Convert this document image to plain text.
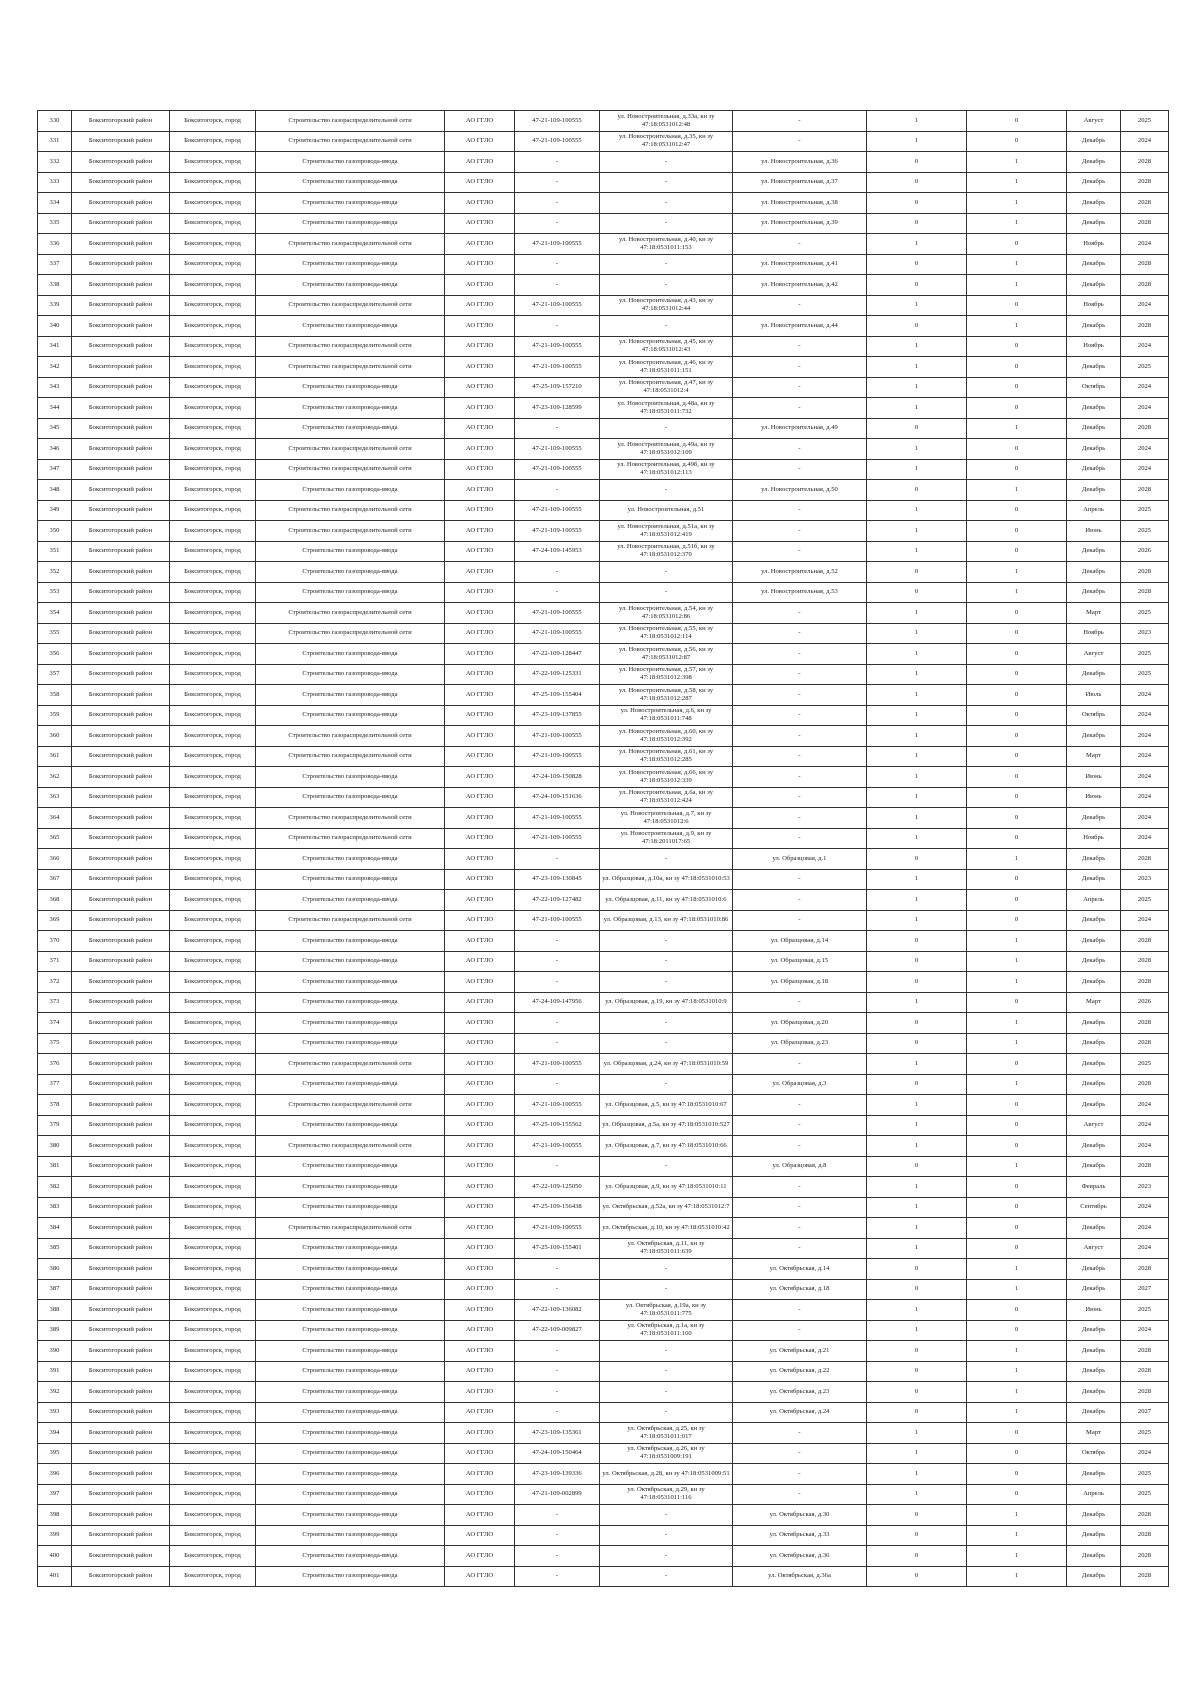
330	Бокситогорский район	Бокситогорск, город	Строительство газораспределительной сети	АО ГГЛО	47-21-109-100555	ул. Новостроительная, д.33а, кн зу 47:18:0531012:48	-	1	0	Август	2025
331	Бокситогорский район	Бокситогорск, город	Строительство газораспределительной сети	АО ГГЛО	47-21-109-100555	ул. Новостроительная, д.35, кн зу 47:18:0531012:47	-	1	0	Декабрь	2024
332	Бокситогорский район	Бокситогорск, город	Строительство газопровода-ввода	АО ГГЛО	-	-	ул. Новостроительная, д.36	0	1	Декабрь	2028
333	Бокситогорский район	Бокситогорск, город	Строительство газопровода-ввода	АО ГГЛО	-	-	ул. Новостроительная, д.37	0	1	Декабрь	2028
334	Бокситогорский район	Бокситогорск, город	Строительство газопровода-ввода	АО ГГЛО	-	-	ул. Новостроительная, д.38	0	1	Декабрь	2028
335	Бокситогорский район	Бокситогорск, город	Строительство газопровода-ввода	АО ГГЛО	-	-	ул. Новостроительная, д.39	0	1	Декабрь	2028
336	Бокситогорский район	Бокситогорск, город	Строительство газораспределительной сети	АО ГГЛО	47-21-109-100555	ул. Новостроительная, д.40, кн зу 47:18:0531011:153	-	1	0	Ноябрь	2024
337	Бокситогорский район	Бокситогорск, город	Строительство газопровода-ввода	АО ГГЛО	-	-	ул. Новостроительная, д.41	0	1	Декабрь	2028
338	Бокситогорский район	Бокситогорск, город	Строительство газопровода-ввода	АО ГГЛО	-	-	ул. Новостроительная, д.42	0	1	Декабрь	2028
339	Бокситогорский район	Бокситогорск, город	Строительство газораспределительной сети	АО ГГЛО	47-21-109-100555	ул. Новостроительная, д.43, кн зу 47:18:0531012:44	-	1	0	Ноябрь	2024
340	Бокситогорский район	Бокситогорск, город	Строительство газопровода-ввода	АО ГГЛО	-	-	ул. Новостроительная, д.44	0	1	Декабрь	2028
341	Бокситогорский район	Бокситогорск, город	Строительство газораспределительной сети	АО ГГЛО	47-21-109-100555	ул. Новостроительная, д.45, кн зу 47:18:0531012:43	-	1	0	Ноябрь	2024
342	Бокситогорский район	Бокситогорск, город	Строительство газораспределительной сети	АО ГГЛО	47-21-109-100555	ул. Новостроительная, д.46, кн зу 47:18:0531011:151	-	1	0	Декабрь	2025
343	Бокситогорский район	Бокситогорск, город	Строительство газопровода-ввода	АО ГГЛО	47-25-109-157210	ул. Новостроительная, д.47, кн зу 47:18:0531012:4	-	1	0	Октябрь	2024
344	Бокситогорский район	Бокситогорск, город	Строительство газопровода-ввода	АО ГГЛО	47-23-109-128599	ул. Новостроительная, д.48а, кн зу 47:18:0531011:732	-	1	0	Декабрь	2024
345	Бокситогорский район	Бокситогорск, город	Строительство газопровода-ввода	АО ГГЛО	-	-	ул. Новостроительная, д.49	0	1	Декабрь	2028
346	Бокситогорский район	Бокситогорск, город	Строительство газораспределительной сети	АО ГГЛО	47-21-109-100555	ул. Новостроительная, д.49а, кн зу 47:18:0531012:109	-	1	0	Декабрь	2024
347	Бокситогорский район	Бокситогорск, город	Строительство газораспределительной сети	АО ГГЛО	47-21-109-100555	ул. Новостроительная, д.49б, кн зу 47:18:0531012:113	-	1	0	Декабрь	2024
348	Бокситогорский район	Бокситогорск, город	Строительство газопровода-ввода	АО ГГЛО	-	-	ул. Новостроительная, д.50	0	1	Декабрь	2028
349	Бокситогорский район	Бокситогорск, город	Строительство газораспределительной сети	АО ГГЛО	47-21-109-100555	ул. Новостроительная, д.51	-	1	0	Апрель	2025
350	Бокситогорский район	Бокситогорск, город	Строительство газораспределительной сети	АО ГГЛО	47-21-109-100555	ул. Новостроительная, д.51а, кн зу 47:18:0531012:419	-	1	0	Июнь	2025
351	Бокситогорский район	Бокситогорск, город	Строительство газопровода-ввода	АО ГГЛО	47-24-109-145953	ул. Новостроительная, д.51б, кн зу 47:18:0531012:370	-	1	0	Декабрь	2026
352	Бокситогорский район	Бокситогорск, город	Строительство газопровода-ввода	АО ГГЛО	-	-	ул. Новостроительная, д.52	0	1	Декабрь	2028
353	Бокситогорский район	Бокситогорск, город	Строительство газопровода-ввода	АО ГГЛО	-	-	ул. Новостроительная, д.53	0	1	Декабрь	2028
354	Бокситогорский район	Бокситогорск, город	Строительство газораспределительной сети	АО ГГЛО	47-21-109-100555	ул. Новостроительная, д.54, кн зу 47:18:0531012:86	-	1	0	Март	2025
355	Бокситогорский район	Бокситогорск, город	Строительство газораспределительной сети	АО ГГЛО	47-21-109-100555	ул. Новостроительная, д.55, кн зу 47:18:0531012:114	-	1	0	Ноябрь	2023
356	Бокситогорский район	Бокситогорск, город	Строительство газопровода-ввода	АО ГГЛО	47-22-109-128447	ул. Новостроительная, д.56, кн зу 47:18:0531012:87	-	1	0	Август	2025
357	Бокситогорский район	Бокситогорск, город	Строительство газопровода-ввода	АО ГГЛО	47-22-109-125331	ул. Новостроительная, д.57, кн зу 47:18:0531012:398	-	1	0	Декабрь	2025
358	Бокситогорский район	Бокситогорск, город	Строительство газопровода-ввода	АО ГГЛО	47-25-109-155404	ул. Новостроительная, д.58, кн зу 47:18:0531012:287	-	1	0	Июль	2024
359	Бокситогорский район	Бокситогорск, город	Строительство газопровода-ввода	АО ГГЛО	47-23-109-137855	ул. Новостроительная, д.6, кн зу 47:18:0531011:748	-	1	0	Октябрь	2024
360	Бокситогорский район	Бокситогорск, город	Строительство газораспределительной сети	АО ГГЛО	47-21-109-100555	ул. Новостроительная, д.60, кн зу 47:18:0531012:392	-	1	0	Декабрь	2024
361	Бокситогорский район	Бокситогорск, город	Строительство газораспределительной сети	АО ГГЛО	47-21-109-100555	ул. Новостроительная, д.61, кн зу 47:18:0531012:285	-	1	0	Март	2024
362	Бокситогорский район	Бокситогорск, город	Строительство газопровода-ввода	АО ГГЛО	47-24-109-150828	ул. Новостроительная, д.66, кн зу 47:18:0531012:339	-	1	0	Июнь	2024
363	Бокситогорский район	Бокситогорск, город	Строительство газопровода-ввода	АО ГГЛО	47-24-109-151636	ул. Новостроительная, д.6а, кн зу 47:18:0531012:424	-	1	0	Июнь	2024
364	Бокситогорский район	Бокситогорск, город	Строительство газораспределительной сети	АО ГГЛО	47-21-109-100555	ул. Новостроительная, д.7, кн зу 47:18:0531012:6	-	1	0	Декабрь	2024
365	Бокситогорский район	Бокситогорск, город	Строительство газораспределительной сети	АО ГГЛО	47-21-109-100555	ул. Новостроительная, д.9, кн зу 47:18:2011017:65	-	1	0	Ноябрь	2024
366	Бокситогорский район	Бокситогорск, город	Строительство газопровода-ввода	АО ГГЛО	-	-	ул. Образцовая, д.1	0	1	Декабрь	2028
367	Бокситогорский район	Бокситогорск, город	Строительство газопровода-ввода	АО ГГЛО	47-23-109-130845	ул. Образцовая, д.10а, кн зу 47:18:0531010:53	-	1	0	Декабрь	2023
368	Бокситогорский район	Бокситогорск, город	Строительство газопровода-ввода	АО ГГЛО	47-22-109-127482	ул. Образцовая, д.11, кн зу 47:18:0531010:6	-	1	0	Апрель	2025
369	Бокситогорский район	Бокситогорск, город	Строительство газораспределительной сети	АО ГГЛО	47-21-109-100555	ул. Образцовая, д.13, кн зу 47:18:0531010:86	-	1	0	Декабрь	2024
370	Бокситогорский район	Бокситогорск, город	Строительство газопровода-ввода	АО ГГЛО	-	-	ул. Образцовая, д.14	0	1	Декабрь	2028
371	Бокситогорский район	Бокситогорск, город	Строительство газопровода-ввода	АО ГГЛО	-	-	ул. Образцовая, д.15	0	1	Декабрь	2028
372	Бокситогорский район	Бокситогорск, город	Строительство газопровода-ввода	АО ГГЛО	-	-	ул. Образцовая, д.18	0	1	Декабрь	2028
373	Бокситогорский район	Бокситогорск, город	Строительство газопровода-ввода	АО ГГЛО	47-24-109-147956	ул. Образцовая, д.19, кн зу 47:18:0531010:9	-	1	0	Март	2026
374	Бокситогорский район	Бокситогорск, город	Строительство газопровода-ввода	АО ГГЛО	-	-	ул. Образцовая, д.20	0	1	Декабрь	2028
375	Бокситогорский район	Бокситогорск, город	Строительство газопровода-ввода	АО ГГЛО	-	-	ул. Образцовая, д.23	0	1	Декабрь	2028
376	Бокситогорский район	Бокситогорск, город	Строительство газораспределительной сети	АО ГГЛО	47-21-109-100555	ул. Образцовая, д.24, кн зу 47:18:0531010:59	-	1	0	Декабрь	2025
377	Бокситогорский район	Бокситогорск, город	Строительство газопровода-ввода	АО ГГЛО	-	-	ул. Образцовая, д.3	0	1	Декабрь	2028
378	Бокситогорский район	Бокситогорск, город	Строительство газораспределительной сети	АО ГГЛО	47-21-109-100555	ул. Образцовая, д.5, кн зу 47:18:0531010:67	-	1	0	Декабрь	2024
379	Бокситогорский район	Бокситогорск, город	Строительство газопровода-ввода	АО ГГЛО	47-25-109-155562	ул. Образцовая, д.5а, кн зу 47:18:0531010:527	-	1	0	Август	2024
380	Бокситогорский район	Бокситогорск, город	Строительство газораспределительной сети	АО ГГЛО	47-21-109-100555	ул. Образцовая, д.7, кн зу 47:18:0531010:66	-	1	0	Декабрь	2024
381	Бокситогорский район	Бокситогорск, город	Строительство газопровода-ввода	АО ГГЛО	-	-	ул. Образцовая, д.8	0	1	Декабрь	2028
382	Бокситогорский район	Бокситогорск, город	Строительство газопровода-ввода	АО ГГЛО	47-22-109-125050	ул. Образцовая, д.9, кн зу 47:18:0531010:11	-	1	0	Февраль	2023
383	Бокситогорский район	Бокситогорск, город	Строительство газопровода-ввода	АО ГГЛО	47-25-109-156438	ул. Октябрьская, д.52а, кн зу 47:18:0531012:7	-	1	0	Сентябрь	2024
384	Бокситогорский район	Бокситогорск, город	Строительство газораспределительной сети	АО ГГЛО	47-21-109-100555	ул. Октябрьская, д.10, кн зу 47:18:0531010:42	-	1	0	Декабрь	2024
385	Бокситогорский район	Бокситогорск, город	Строительство газопровода-ввода	АО ГГЛО	47-25-109-155401	ул. Октябрьская, д.11, кн зу 47:18:0531011:639	-	1	0	Август	2024
386	Бокситогорский район	Бокситогорск, город	Строительство газопровода-ввода	АО ГГЛО	-	-	ул. Октябрьская, д.14	0	1	Декабрь	2028
387	Бокситогорский район	Бокситогорск, город	Строительство газопровода-ввода	АО ГГЛО	-	-	ул. Октябрьская, д.18	0	1	Декабрь	2027
388	Бокситогорский район	Бокситогорск, город	Строительство газопровода-ввода	АО ГГЛО	47-22-109-136082	ул. Октябрьская, д.19а, кн зу 47:18:0531011:775	-	1	0	Июнь	2025
389	Бокситогорский район	Бокситогорск, город	Строительство газопровода-ввода	АО ГГЛО	47-22-109-009827	ул. Октябрьская, д.1а, кн зу 47:18:0531011:160	-	1	0	Декабрь	2024
390	Бокситогорский район	Бокситогорск, город	Строительство газопровода-ввода	АО ГГЛО	-	-	ул. Октябрьская, д.21	0	1	Декабрь	2028
391	Бокситогорский район	Бокситогорск, город	Строительство газопровода-ввода	АО ГГЛО	-	-	ул. Октябрьская, д.22	0	1	Декабрь	2028
392	Бокситогорский район	Бокситогорск, город	Строительство газопровода-ввода	АО ГГЛО	-	-	ул. Октябрьская, д.23	0	1	Декабрь	2028
393	Бокситогорский район	Бокситогорск, город	Строительство газопровода-ввода	АО ГГЛО	-	-	ул. Октябрьская, д.24	0	1	Декабрь	2027
394	Бокситогорский район	Бокситогорск, город	Строительство газопровода-ввода	АО ГГЛО	47-23-109-135361	ул. Октябрьская, д.25, кн зу 47:18:0531011:017	-	1	0	Март	2025
395	Бокситогорский район	Бокситогорск, город	Строительство газопровода-ввода	АО ГГЛО	47-24-109-150464	ул. Октябрьская, д.26, кн зу 47:18:0531009:191	-	1	0	Октябрь	2024
396	Бокситогорский район	Бокситогорск, город	Строительство газопровода-ввода	АО ГГЛО	47-23-109-139336	ул. Октябрьская, д.28, кн зу 47:18:0531009:51	-	1	0	Декабрь	2025
397	Бокситогорский район	Бокситогорск, город	Строительство газопровода-ввода	АО ГГЛО	47-21-109-002899	ул. Октябрьская, д.29, кн зу 47:18:0531011:116	-	1	0	Апрель	2025
398	Бокситогорский район	Бокситогорск, город	Строительство газопровода-ввода	АО ГГЛО	-	-	ул. Октябрьская, д.30	0	1	Декабрь	2028
399	Бокситогорский район	Бокситогорск, город	Строительство газопровода-ввода	АО ГГЛО	-	-	ул. Октябрьская, д.33	0	1	Декабрь	2028
400	Бокситогорский район	Бокситогорск, город	Строительство газопровода-ввода	АО ГГЛО	-	-	ул. Октябрьская, д.36	0	1	Декабрь	2028
401	Бокситогорский район	Бокситогорск, город	Строительство газопровода-ввода	АО ГГЛО	-	-	ул. Октябрьская, д.36а	0	1	Декабрь	2028
